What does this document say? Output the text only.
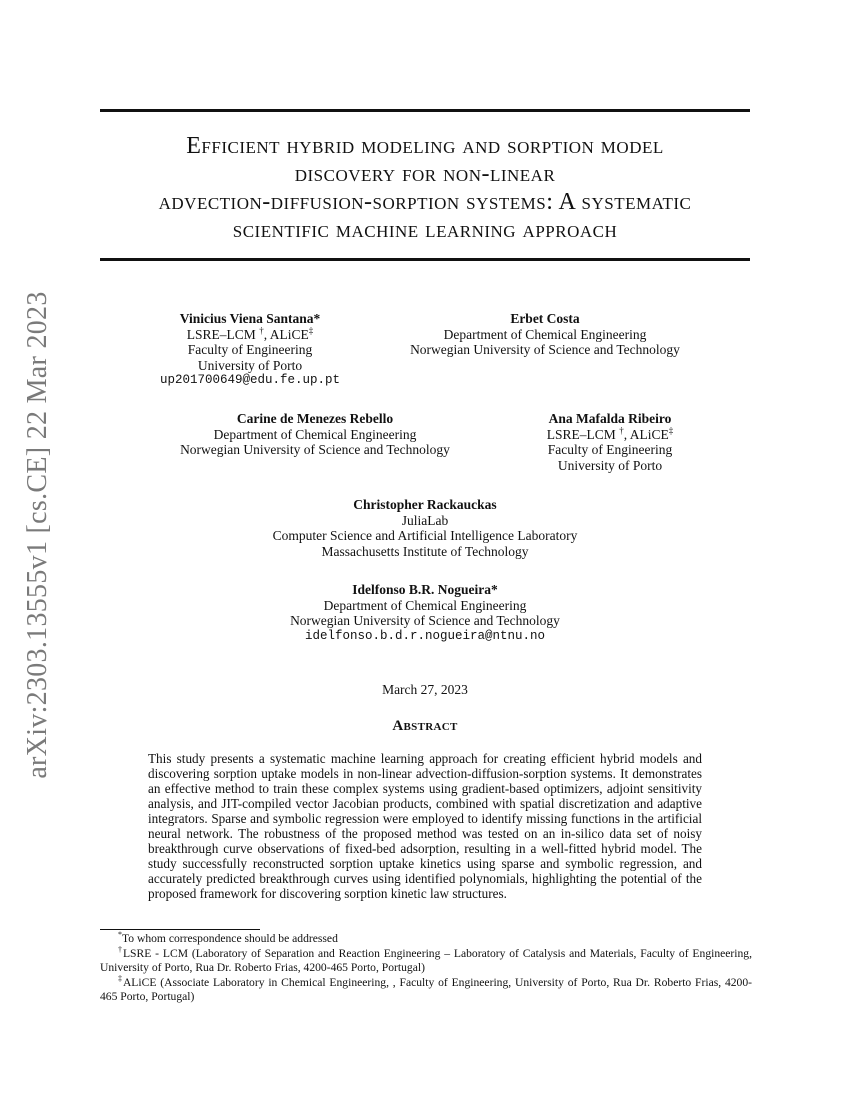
arXiv:2303.13555v1 [cs.CE] 22 Mar 2023
Efficient hybrid modeling and sorption model
discovery for non-linear
advection-diffusion-sorption systems: A systematic
scientific machine learning approach
Vinicius Viena Santana*
LSRE–LCM †, ALiCE‡
Faculty of Engineering
University of Porto
up201700649@edu.fe.up.pt
Erbet Costa
Department of Chemical Engineering
Norwegian University of Science and Technology
Carine de Menezes Rebello
Department of Chemical Engineering
Norwegian University of Science and Technology
Ana Mafalda Ribeiro
LSRE–LCM †, ALiCE‡
Faculty of Engineering
University of Porto
Christopher Rackauckas
JuliaLab
Computer Science and Artificial Intelligence Laboratory
Massachusetts Institute of Technology
Idelfonso B.R. Nogueira*
Department of Chemical Engineering
Norwegian University of Science and Technology
idelfonso.b.d.r.nogueira@ntnu.no
March 27, 2023
Abstract

This study presents a systematic machine learning approach for creating efficient hybrid models and discovering sorption uptake models in non-linear advection-diffusion-sorption systems. It demonstrates an effective method to train these complex systems using gradient-based optimizers, adjoint sensitivity analysis, and JIT-compiled vector Jacobian products, combined with spatial discretization and adaptive integrators. Sparse and symbolic regression were employed to identify missing functions in the artificial neural network. The robustness of the proposed method was tested on an in-silico data set of noisy breakthrough curve observations of fixed-bed adsorption, resulting in a well-fitted hybrid model. The study successfully reconstructed sorption uptake kinetics using sparse and symbolic regression, and accurately predicted breakthrough curves using identified polynomials, highlighting the potential of the proposed framework for discovering sorption kinetic law structures.

*To whom correspondence should be addressed

†LSRE - LCM (Laboratory of Separation and Reaction Engineering – Laboratory of Catalysis and Materials, Faculty of Engineering, University of Porto, Rua Dr. Roberto Frias, 4200-465 Porto, Portugal)

‡ALiCE (Associate Laboratory in Chemical Engineering, , Faculty of Engineering, University of Porto, Rua Dr. Roberto Frias, 4200-465 Porto, Portugal)
